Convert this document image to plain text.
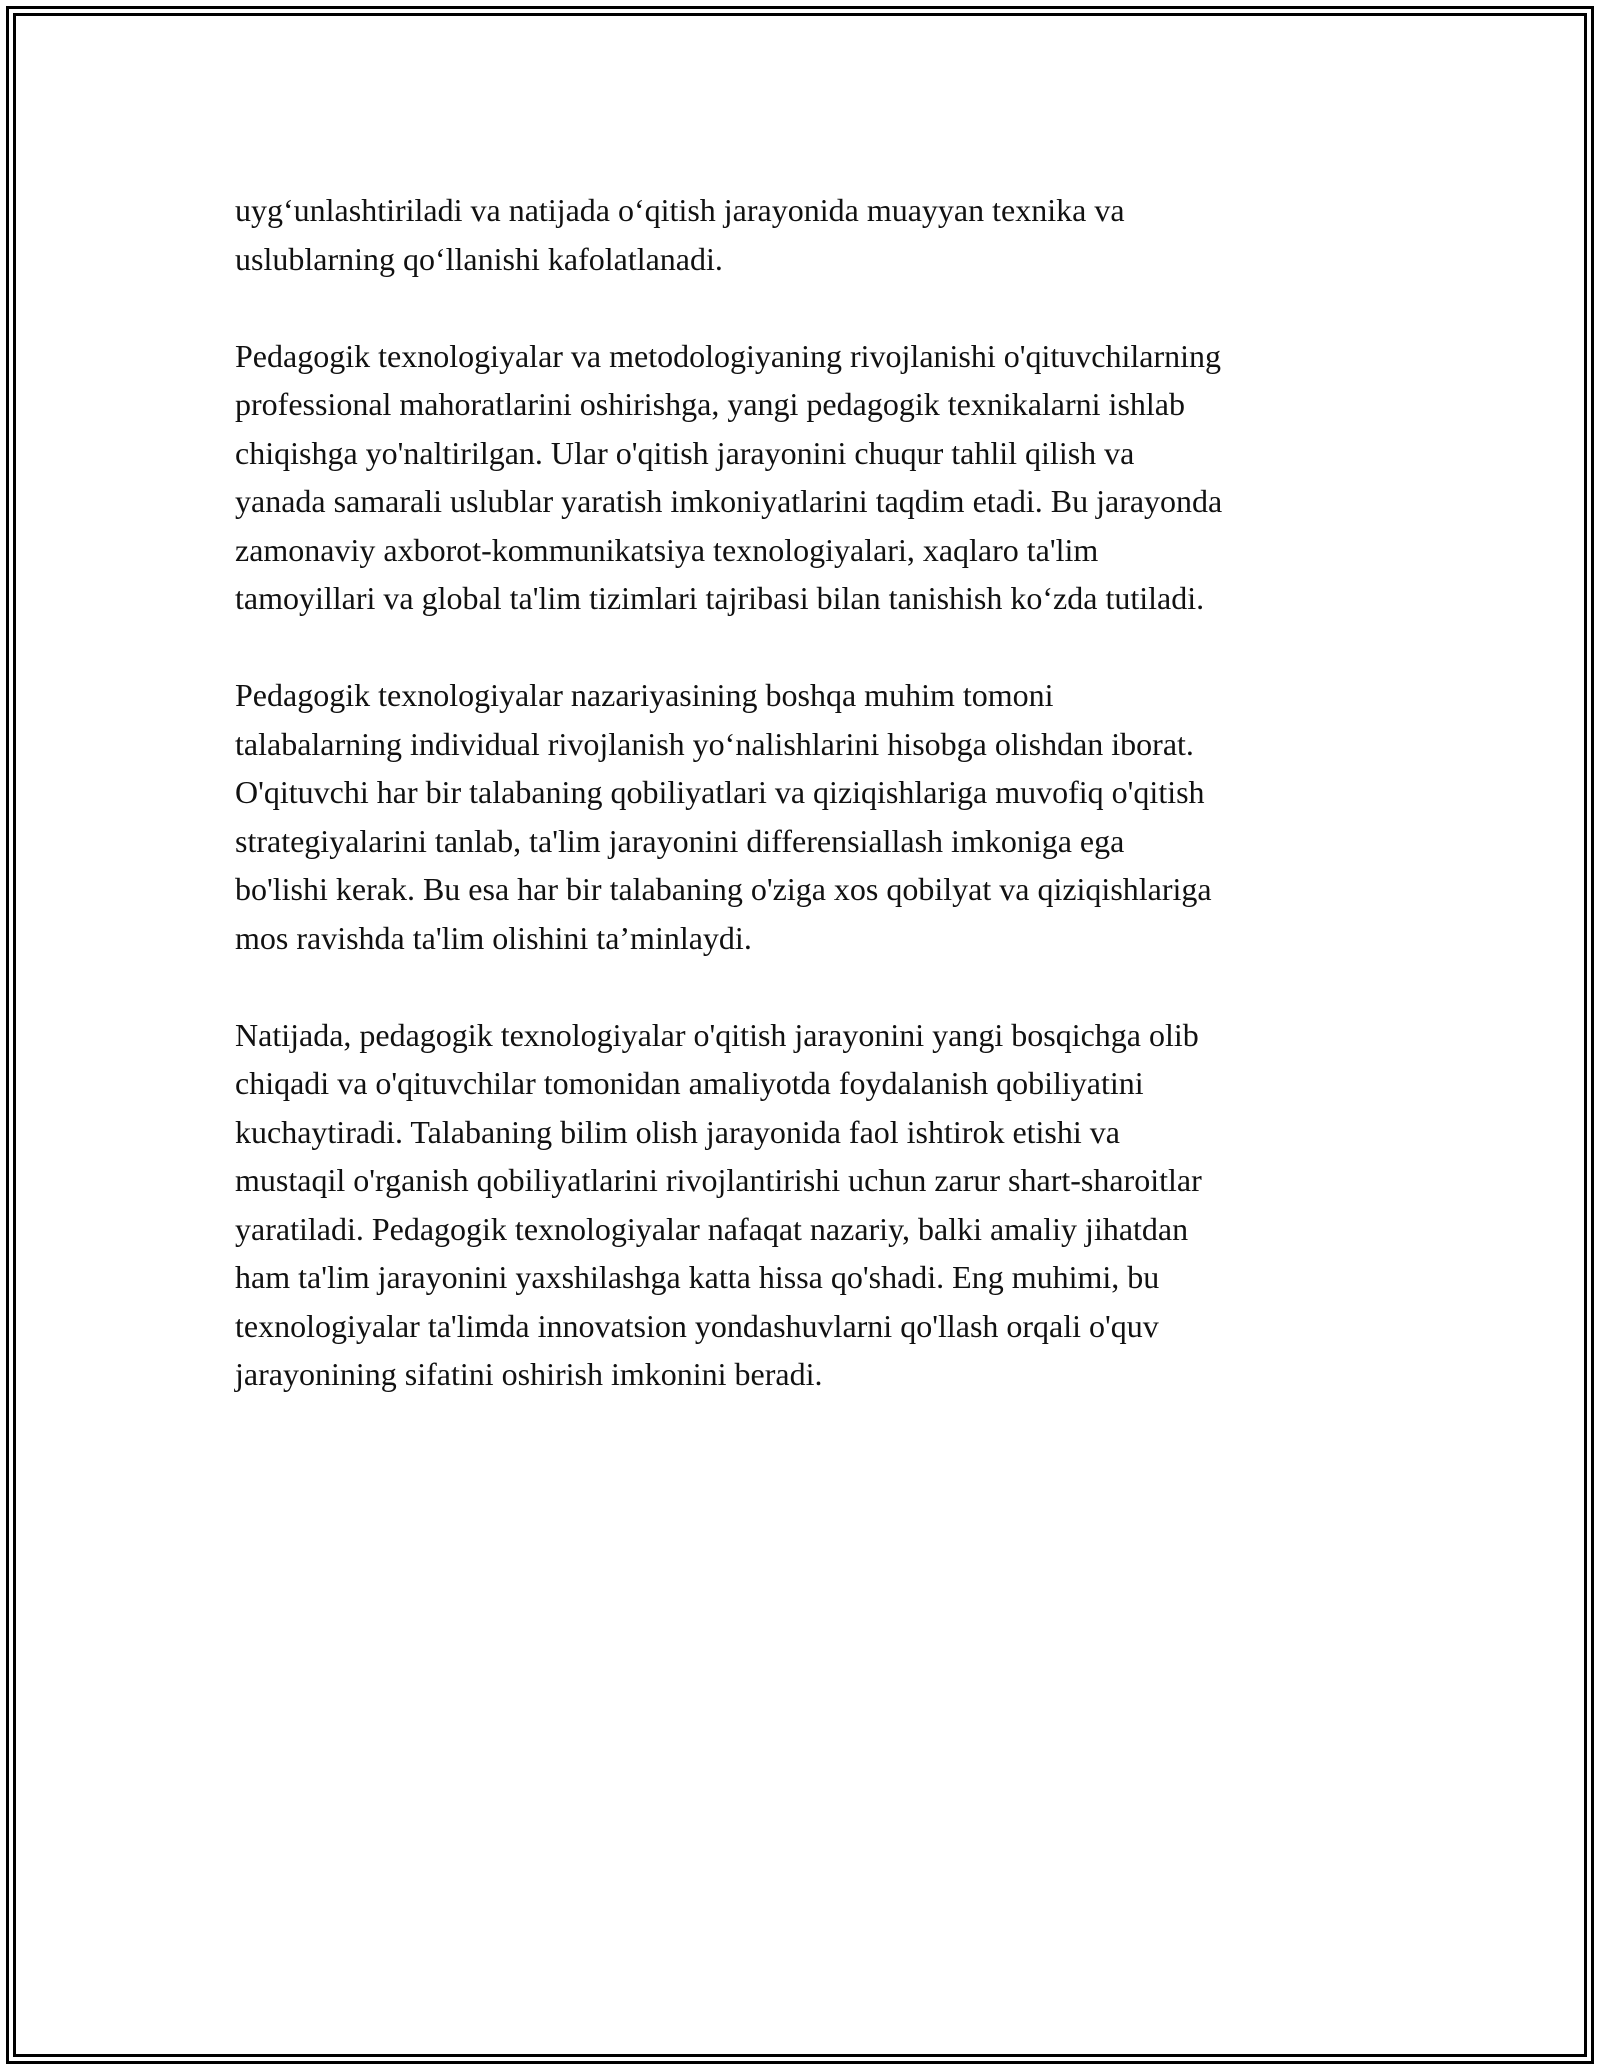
uyg‘unlashtiriladi va natijada o‘qitish jarayonida muayyan texnika va
uslublarning qo‘llanishi kafolatlanadi.

Pedagogik texnologiyalar va metodologiyaning rivojlanishi o'qituvchilarning
professional mahoratlarini oshirishga, yangi pedagogik texnikalarni ishlab
chiqishga yo'naltirilgan. Ular o'qitish jarayonini chuqur tahlil qilish va
yanada samarali uslublar yaratish imkoniyatlarini taqdim etadi. Bu jarayonda
zamonaviy axborot-kommunikatsiya texnologiyalari, xaqlaro ta'lim
tamoyillari va global ta'lim tizimlari tajribasi bilan tanishish ko‘zda tutiladi.

Pedagogik texnologiyalar nazariyasining boshqa muhim tomoni
talabalarning individual rivojlanish yo‘nalishlarini hisobga olishdan iborat.
O'qituvchi har bir talabaning qobiliyatlari va qiziqishlariga muvofiq o'qitish
strategiyalarini tanlab, ta'lim jarayonini differensiallash imkoniga ega
bo'lishi kerak. Bu esa har bir talabaning o'ziga xos qobilyat va qiziqishlariga
mos ravishda ta'lim olishini ta’minlaydi.

Natijada, pedagogik texnologiyalar o'qitish jarayonini yangi bosqichga olib
chiqadi va o'qituvchilar tomonidan amaliyotda foydalanish qobiliyatini
kuchaytiradi. Talabaning bilim olish jarayonida faol ishtirok etishi va
mustaqil o'rganish qobiliyatlarini rivojlantirishi uchun zarur shart-sharoitlar
yaratiladi. Pedagogik texnologiyalar nafaqat nazariy, balki amaliy jihatdan
ham ta'lim jarayonini yaxshilashga katta hissa qo'shadi. Eng muhimi, bu
texnologiyalar ta'limda innovatsion yondashuvlarni qo'llash orqali o'quv
jarayonining sifatini oshirish imkonini beradi.
